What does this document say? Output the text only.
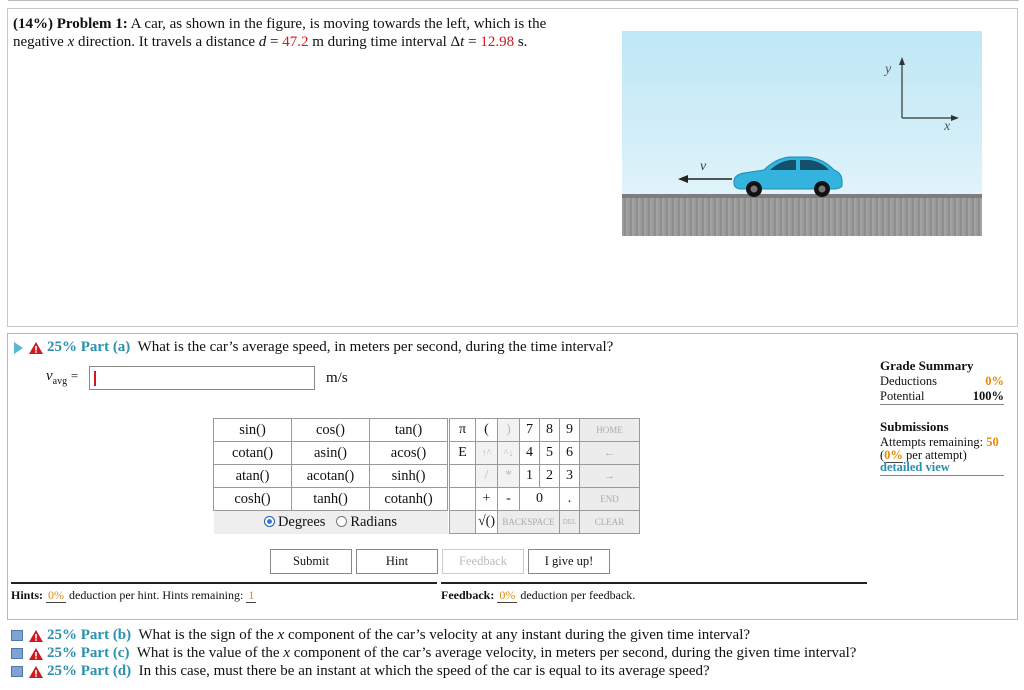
(14%) Problem 1: A car, as shown in the figure, is moving towards the left, which is the negative x direction. It travels a distance d = 47.2 m during time interval Δt = 12.98 s.
y
x
v
25% Part (a) What is the car’s average speed, in meters per second, during the time interval?
$v_{avg}$ =	m/s
Grade Summary
Deductions	0%
Potential	100%
Submissions
Attempts remaining: 50
(0% per attempt)
detailed view
sin()	cos()	tan()
cotan()	asin()	acos()
atan()	acotan()	sinh()
cosh()	tanh()	cotanh()
Degrees Radians		
π	(	)	7	8	9	HOME
E	↑^	^↓	4	5	6	←
	/	*	1	2	3	→
	+	-	0		.	END
	√()	BACKSPACE			DEL	CLEAR
Submit	Hint	Feedback	I give up!
Hints: 0% deduction per hint. Hints remaining: 1	Feedback: 0% deduction per feedback.
25% Part (b) What is the sign of the x component of the car’s velocity at any instant during the given time interval?
25% Part (c) What is the value of the x component of the car’s average velocity, in meters per second, during the given time interval?
25% Part (d) In this case, must there be an instant at which the speed of the car is equal to its average speed?
